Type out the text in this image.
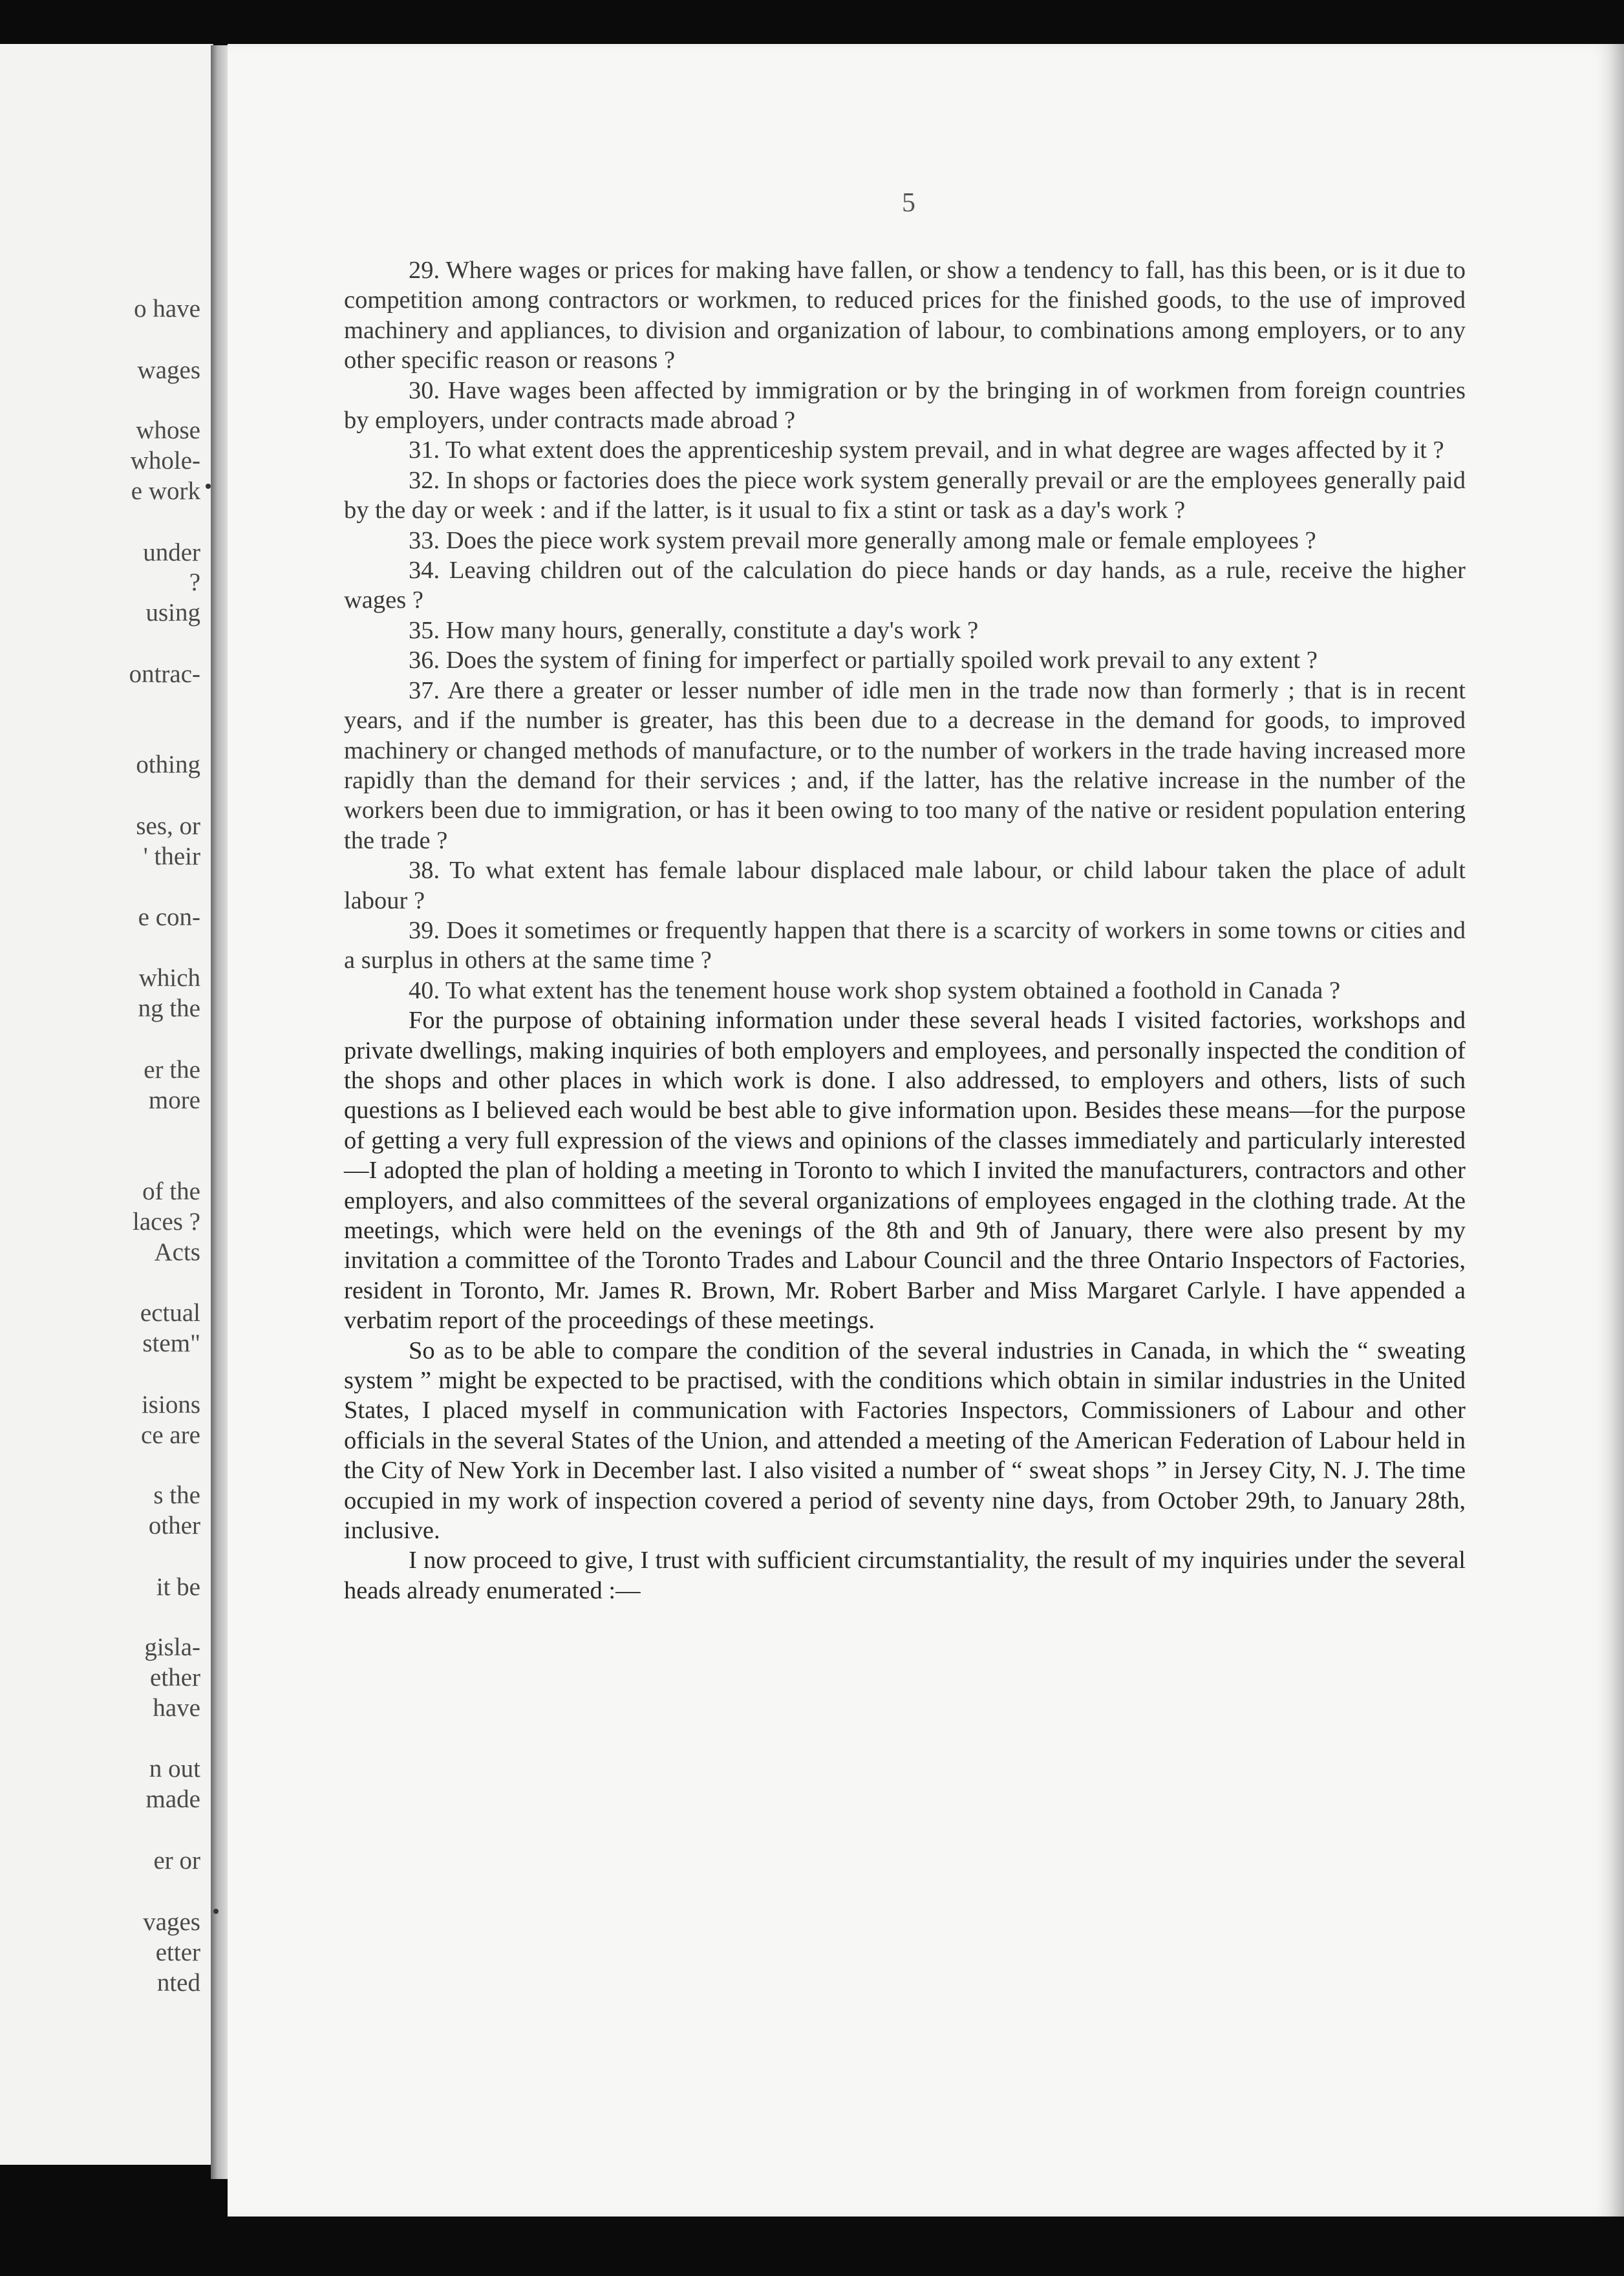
o have

wages

whose

whole-

e work

under

?

using

ontrac-

othing

ses, or

' their

e con-

which

ng the

er the

more

of the

laces ?

Acts

ectual

stem"

isions

ce are

s the

other

it be

gisla-

ether

have

n out

made

er or

vages

etter

nted

5

29. Where wages or prices for making have fallen, or show a tendency to fall, has this been, or is it due to competition among contractors or workmen, to reduced prices for the finished goods, to the use of improved machinery and appliances, to division and organization of labour, to combinations among employers, or to any other specific reason or reasons ?

30. Have wages been affected by immigration or by the bringing in of workmen from foreign countries by employers, under contracts made abroad ?

31. To what extent does the apprenticeship system prevail, and in what degree are wages affected by it ?

32. In shops or factories does the piece work system generally prevail or are the employees generally paid by the day or week : and if the latter, is it usual to fix a stint or task as a day's work ?

33. Does the piece work system prevail more generally among male or female employees ?

34. Leaving children out of the calculation do piece hands or day hands, as a rule, receive the higher wages ?

35. How many hours, generally, constitute a day's work ?

36. Does the system of fining for imperfect or partially spoiled work prevail to any extent ?

37. Are there a greater or lesser number of idle men in the trade now than formerly ; that is in recent years, and if the number is greater, has this been due to a decrease in the demand for goods, to improved machinery or changed methods of manufacture, or to the number of workers in the trade having increased more rapidly than the demand for their services ; and, if the latter, has the relative increase in the number of the workers been due to immigration, or has it been owing to too many of the native or resident population entering the trade ?

38. To what extent has female labour displaced male labour, or child labour taken the place of adult labour ?

39. Does it sometimes or frequently happen that there is a scarcity of workers in some towns or cities and a surplus in others at the same time ?

40. To what extent has the tenement house work shop system obtained a foothold in Canada ?

For the purpose of obtaining information under these several heads I visited factories, workshops and private dwellings, making inquiries of both employers and employees, and personally inspected the condition of the shops and other places in which work is done. I also addressed, to employers and others, lists of such questions as I believed each would be best able to give information upon. Besides these means—for the purpose of getting a very full expression of the views and opinions of the classes immediately and particularly interested—I adopted the plan of holding a meeting in Toronto to which I invited the manufacturers, contractors and other employers, and also committees of the several organizations of employees engaged in the clothing trade. At the meetings, which were held on the evenings of the 8th and 9th of January, there were also present by my invitation a committee of the Toronto Trades and Labour Council and the three Ontario Inspectors of Factories, resident in Toronto, Mr. James R. Brown, Mr. Robert Barber and Miss Margaret Carlyle. I have appended a verbatim report of the proceedings of these meetings.

So as to be able to compare the condition of the several industries in Canada, in which the “ sweating system ” might be expected to be practised, with the conditions which obtain in similar industries in the United States, I placed myself in communication with Factories Inspectors, Commissioners of Labour and other officials in the several States of the Union, and attended a meeting of the American Federation of Labour held in the City of New York in December last. I also visited a number of “ sweat shops ” in Jersey City, N. J. The time occupied in my work of inspection covered a period of seventy nine days, from October 29th, to January 28th, inclusive.

I now proceed to give, I trust with sufficient circumstantiality, the result of my inquiries under the several heads already enumerated :—
